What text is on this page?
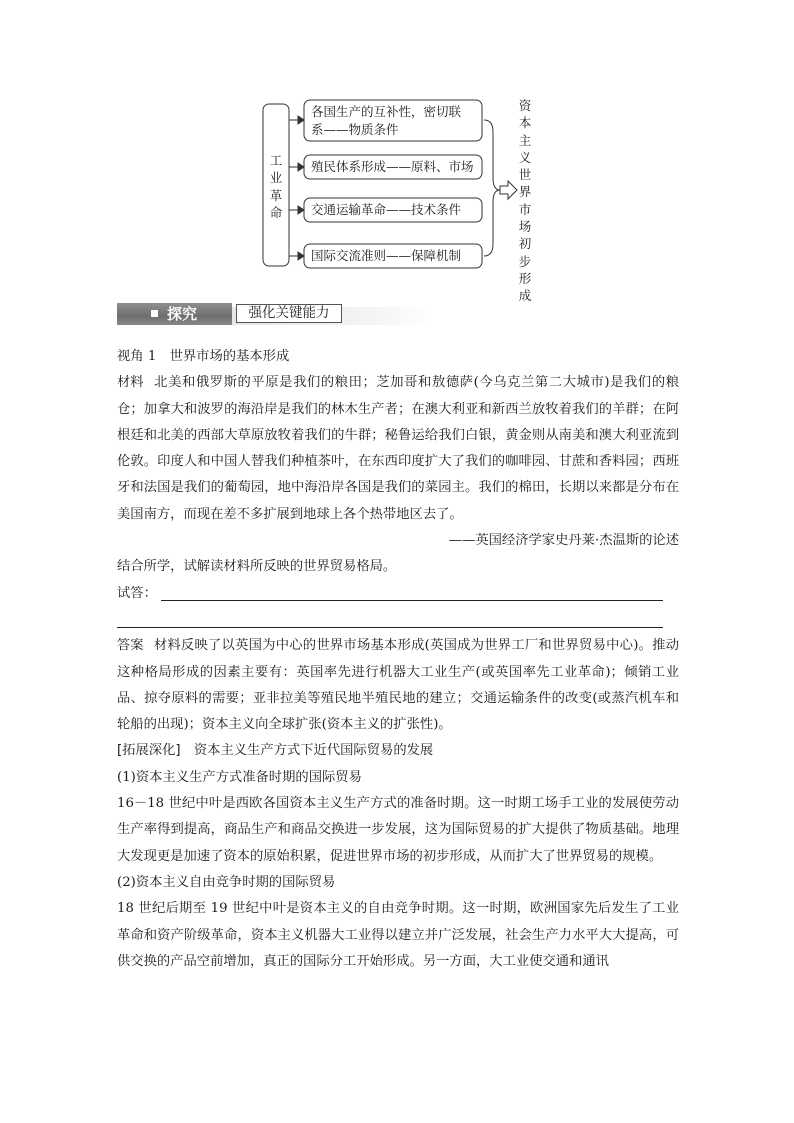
工业革命
各国生产的互补性，密切联
系——物质条件
殖民体系形成——原料、市场
交通运输革命——技术条件
国际交流准则——保障机制
资本主义世界市场初步形成
探究	强化关键能力

视角 1　世界市场的基本形成

材料 北美和俄罗斯的平原是我们的粮田；芝加哥和敖德萨(今乌克兰第二大城市)是我们的粮仓；加拿大和波罗的海沿岸是我们的林木生产者；在澳大利亚和新西兰放牧着我们的羊群；在阿根廷和北美的西部大草原放牧着我们的牛群；秘鲁运给我们白银，黄金则从南美和澳大利亚流到伦敦。印度人和中国人替我们种植茶叶，在东西印度扩大了我们的咖啡园、甘蔗和香料园；西班牙和法国是我们的葡萄园，地中海沿岸各国是我们的菜园主。我们的棉田，长期以来都是分布在美国南方，而现在差不多扩展到地球上各个热带地区去了。

——英国经济学家史丹莱·杰温斯的论述

结合所学，试解读材料所反映的世界贸易格局。

试答：

答案 材料反映了以英国为中心的世界市场基本形成(英国成为世界工厂和世界贸易中心)。推动这种格局形成的因素主要有：英国率先进行机器大工业生产(或英国率先工业革命)；倾销工业品、掠夺原料的需要；亚非拉美等殖民地半殖民地的建立；交通运输条件的改变(或蒸汽机车和轮船的出现)；资本主义向全球扩张(资本主义的扩张性)。

[拓展深化]　 资本主义生产方式下近代国际贸易的发展

(1)资本主义生产方式准备时期的国际贸易

16－18 世纪中叶是西欧各国资本主义生产方式的准备时期。这一时期工场手工业的发展使劳动生产率得到提高，商品生产和商品交换进一步发展，这为国际贸易的扩大提供了物质基础。地理大发现更是加速了资本的原始积累，促进世界市场的初步形成，从而扩大了世界贸易的规模。

(2)资本主义自由竞争时期的国际贸易

18 世纪后期至 19 世纪中叶是资本主义的自由竞争时期。这一时期，欧洲国家先后发生了工业革命和资产阶级革命，资本主义机器大工业得以建立并广泛发展，社会生产力水平大大提高，可供交换的产品空前增加，真正的国际分工开始形成。另一方面，大工业使交通和通讯
